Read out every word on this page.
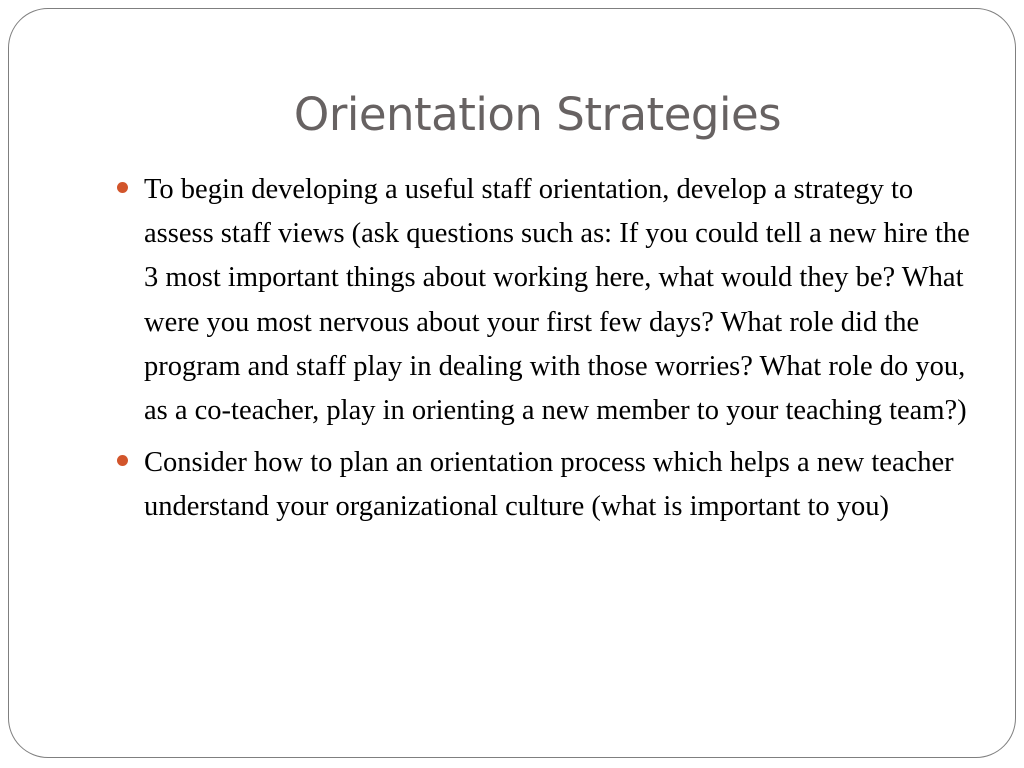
Orientation Strategies
To begin developing a useful staff orientation, develop a strategy to assess staff views (ask questions such as: If you could tell a new hire the 3 most important things about working here, what would they be? What were you most nervous about your first few days? What role did the program and staff play in dealing with those worries? What role do you, as a co-teacher, play in orienting a new member to your teaching team?)
Consider how to plan an orientation process which helps a new teacher understand your organizational culture (what is important to you)
